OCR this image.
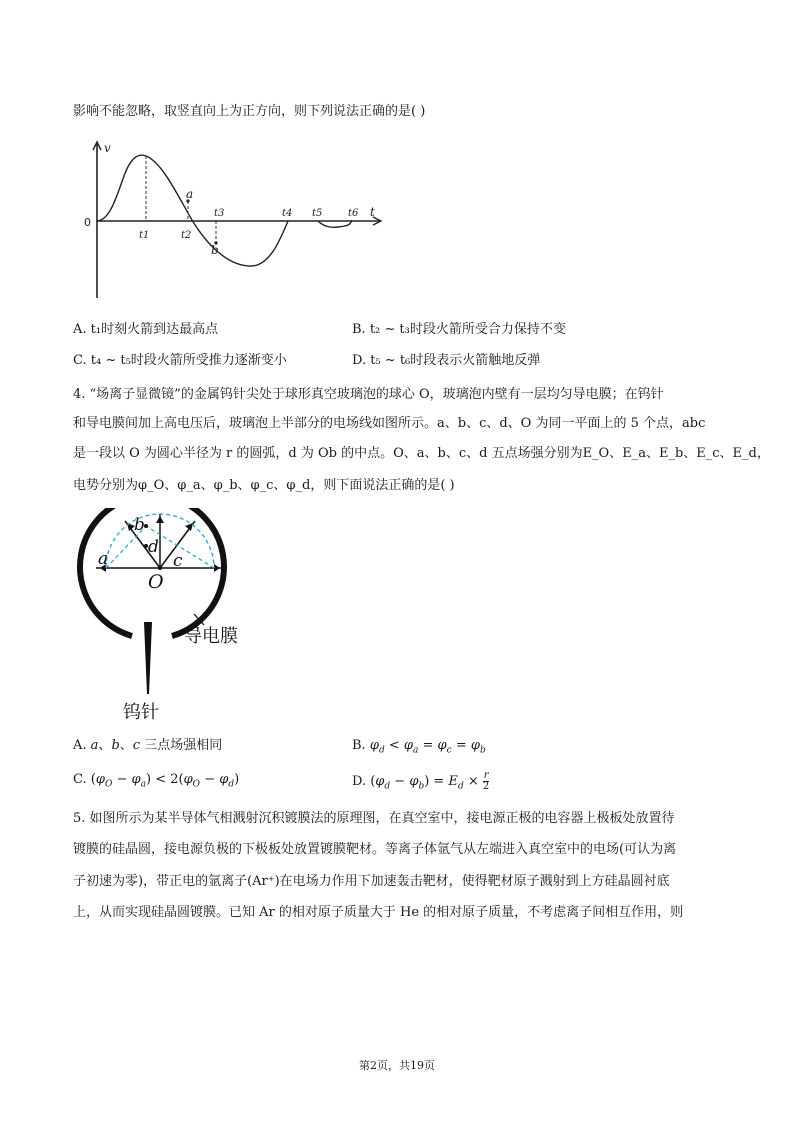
影响不能忽略，取竖直向上为正方向，则下列说法正确的是( )
v
t
a
b
t1	t2
t3	t4 t5	t6
0
A. t₁时刻火箭到达最高点	B. t₂ ~ t₃时段火箭所受合力保持不变
C. t₄ ~ t₅时段火箭所受推力逐渐变小	D. t₅ ~ t₆时段表示火箭触地反弹
4. “场离子显微镜”的金属钨针尖处于球形真空玻璃泡的球心 O，玻璃泡内壁有一层均匀导电膜；在钨针
和导电膜间加上高电压后，玻璃泡上半部分的电场线如图所示。a、b、c、d、O 为同一平面上的 5 个点，abc
是一段以 O 为圆心半径为 r 的圆弧，d 为 Ob 的中点。O、a、b、c、d 五点场强分别为E_O、E_a、E_b、E_c、E_d，
电势分别为φ_O、φ_a、φ_b、φ_c、φ_d，则下面说法正确的是( )
a
b
c
d
O
导电膜
钨针
A. a、b、c 三点场强相同	B. $\varphi_d < \varphi_a = \varphi_c = \varphi_b$
C. $(\varphi_O - \varphi_a) < 2(\varphi_O - \varphi_d)$	D. $(\varphi_d - \varphi_b) = E_d \times \frac{r}{2}$
5. 如图所示为某半导体气相溅射沉积镀膜法的原理图，在真空室中，接电源正极的电容器上极板处放置待
镀膜的硅晶圆，接电源负极的下极板处放置镀膜靶材。等离子体氩气从左端进入真空室中的电场(可认为离
子初速为零)，带正电的氩离子(Ar⁺)在电场力作用下加速轰击靶材，使得靶材原子溅射到上方硅晶圆衬底
上，从而实现硅晶圆镀膜。已知 Ar 的相对原子质量大于 He 的相对原子质量，不考虑离子间相互作用，则
第2页，共19页
